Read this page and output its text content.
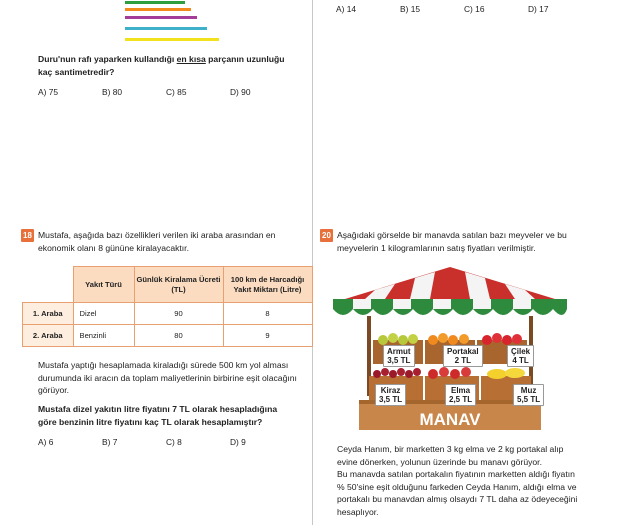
A) 14	B) 15	C) 16	D) 17
Duru'nun rafı yaparken kullandığı en kısa parçanın uzunluğu
kaç santimetredir?
A) 75	B) 80	C) 85	D) 90
18 Mustafa, aşağıda bazı özellikleri verilen iki araba arasından en
ekonomik olanı 8 gününe kiralayacaktır.
	Yakıt Türü	Günlük Kiralama Ücreti (TL)	100 km de Harcadığı Yakıt Miktarı (Litre)
1. Araba	Dizel	90	8
2. Araba	Benzinli	80	9
Mustafa yaptığı hesaplamada kiraladığı sürede 500 km yol alması
durumunda iki aracın da toplam maliyetlerinin birbirine eşit olacağını
görüyor.
Mustafa dizel yakıtın litre fiyatını 7 TL olarak hesapladığına
göre benzinin litre fiyatını kaç TL olarak hesaplamıştır?
A) 6	B) 7	C) 8	D) 9
20 Aşağıdaki görselde bir manavda satılan bazı meyveler ve bu
meyvelerin 1 kilogramlarının satış fiyatları verilmiştir.
MANAV
Armut
3,5 TL
Portakal
2 TL
Çilek
4 TL
Kiraz
3,5 TL
Elma
2,5 TL
Muz
5,5 TL
Ceyda Hanım, bir marketten 3 kg elma ve 2 kg portakal alıp
evine dönerken, yolunun üzerinde bu manavı görüyor.
Bu manavda satılan portakalın fiyatının marketten aldığı fiyatın
% 50'sine eşit olduğunu farkeden Ceyda Hanım, aldığı elma ve
portakalı bu manavdan almış olsaydı 7 TL daha az ödeyeceğini
hesaplıyor.
